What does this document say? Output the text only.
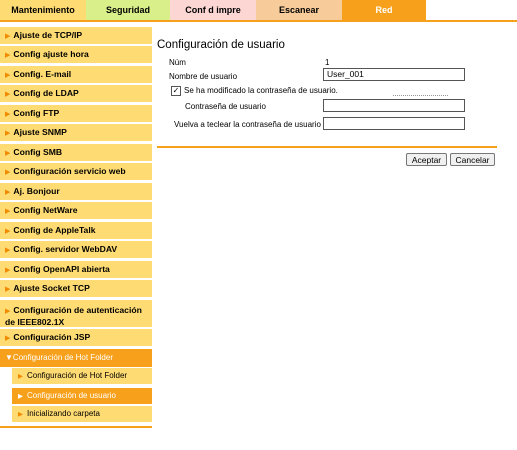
Mantenimiento	Seguridad	Conf d impre	Escanear	Red
▶ Ajuste de TCP/IP
▶ Config ajuste hora
▶ Config. E-mail
▶ Config de LDAP
▶ Config FTP
▶ Ajuste SNMP
▶ Config SMB
▶ Configuración servicio web
▶ Aj. Bonjour
▶ Config NetWare
▶ Config de AppleTalk
▶ Config. servidor WebDAV
▶ Config OpenAPI abierta
▶ Ajuste Socket TCP
▶ Configuración de autenticación
de IEEE802.1X
▶ Configuración JSP
▼Configuración de Hot Folder
▶ Configuración de Hot Folder
▶ Configuración de usuario
▶ Inicializando carpeta
Configuración de usuario
Núm	1
Nombre de usuario	User_001
✓ Se ha modificado la contraseña de usuario.
Contraseña de usuario
Vuelva a teclear la contraseña de usuario
Aceptar	Cancelar
